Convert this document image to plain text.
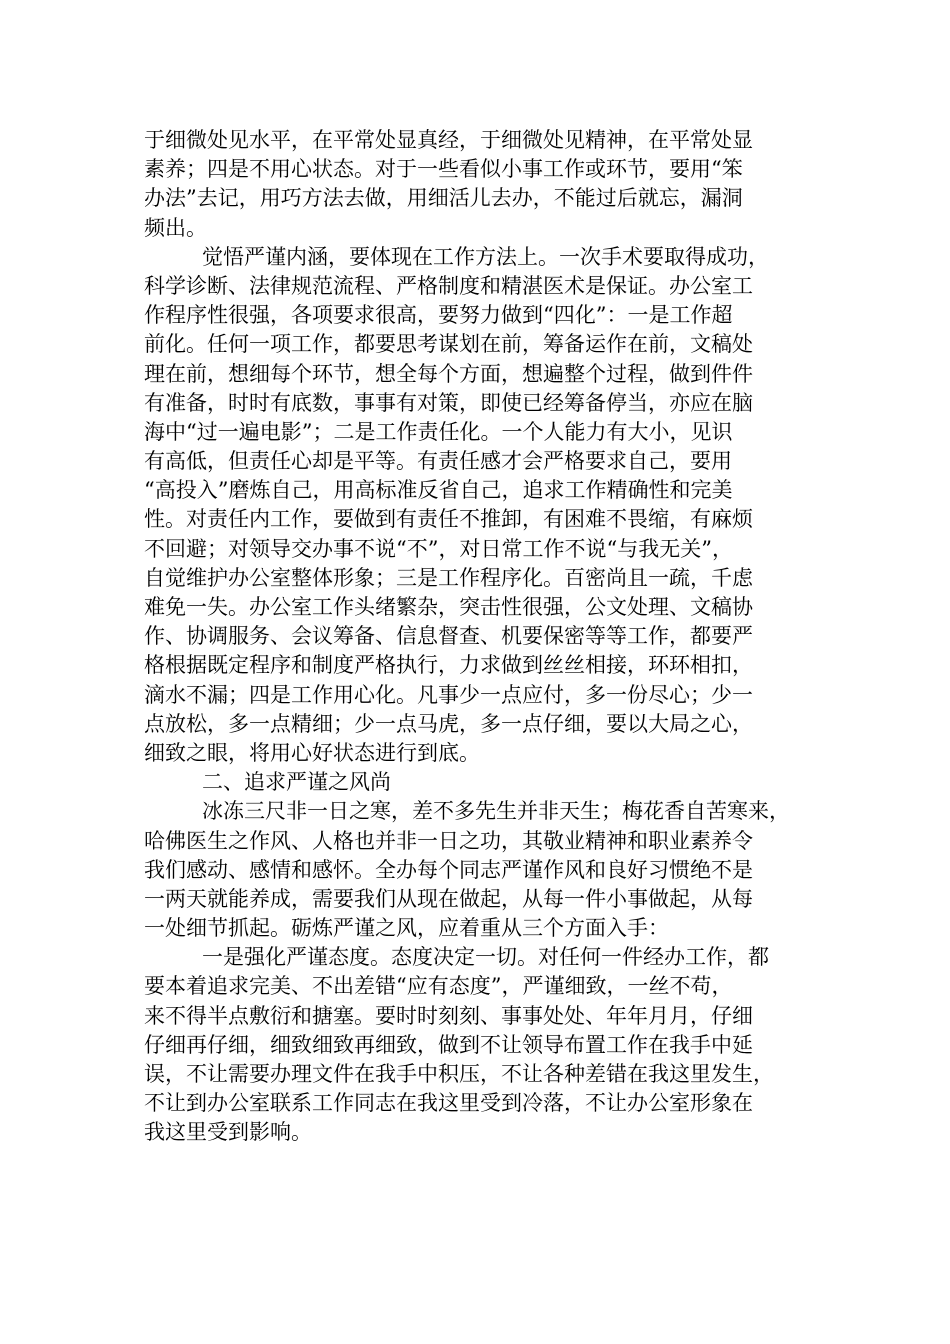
于细微处见水平，在平常处显真经，于细微处见精神，在平常处显
素养；四是不用心状态。对于一些看似小事工作或环节，要用“笨
办法”去记，用巧方法去做，用细活儿去办，不能过后就忘，漏洞
频出。
觉悟严谨内涵，要体现在工作方法上。一次手术要取得成功，
科学诊断、法律规范流程、严格制度和精湛医术是保证。办公室工
作程序性很强，各项要求很高，要努力做到“四化”：一是工作超
前化。任何一项工作，都要思考谋划在前，筹备运作在前，文稿处
理在前，想细每个环节，想全每个方面，想遍整个过程，做到件件
有准备，时时有底数，事事有对策，即使已经筹备停当，亦应在脑
海中“过一遍电影”；二是工作责任化。一个人能力有大小，见识
有高低，但责任心却是平等。有责任感才会严格要求自己，要用
“高投入”磨炼自己，用高标准反省自己，追求工作精确性和完美
性。对责任内工作，要做到有责任不推卸，有困难不畏缩，有麻烦
不回避；对领导交办事不说“不”，对日常工作不说“与我无关”，
自觉维护办公室整体形象；三是工作程序化。百密尚且一疏，千虑
难免一失。办公室工作头绪繁杂，突击性很强，公文处理、文稿协
作、协调服务、会议筹备、信息督查、机要保密等等工作，都要严
格根据既定程序和制度严格执行，力求做到丝丝相接，环环相扣，
滴水不漏；四是工作用心化。凡事少一点应付，多一份尽心；少一
点放松，多一点精细；少一点马虎，多一点仔细，要以大局之心，
细致之眼，将用心好状态进行到底。
二、追求严谨之风尚
冰冻三尺非一日之寒，差不多先生并非天生；梅花香自苦寒来，
哈佛医生之作风、人格也并非一日之功，其敬业精神和职业素养令
我们感动、感情和感怀。全办每个同志严谨作风和良好习惯绝不是
一两天就能养成，需要我们从现在做起，从每一件小事做起，从每
一处细节抓起。砺炼严谨之风，应着重从三个方面入手：
一是强化严谨态度。态度决定一切。对任何一件经办工作，都
要本着追求完美、不出差错“应有态度”，严谨细致，一丝不苟，
来不得半点敷衍和搪塞。要时时刻刻、事事处处、年年月月，仔细
仔细再仔细，细致细致再细致，做到不让领导布置工作在我手中延
误，不让需要办理文件在我手中积压，不让各种差错在我这里发生，
不让到办公室联系工作同志在我这里受到冷落，不让办公室形象在
我这里受到影响。
